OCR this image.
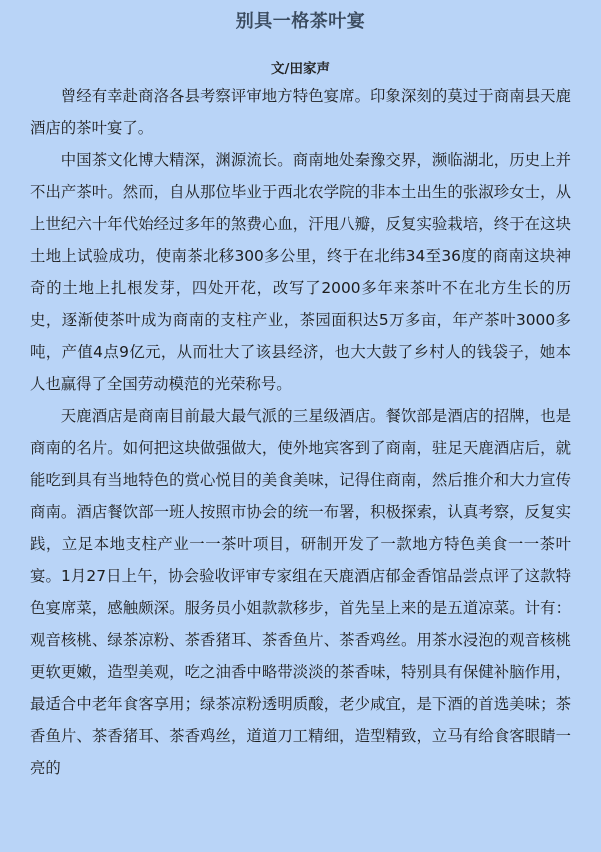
别具一格茶叶宴
文/田家声

曾经有幸赴商洛各县考察评审地方特色宴席。印象深刻的莫过于商南县天鹿酒店的茶叶宴了。

中国茶文化博大精深，渊源流长。商南地处秦豫交界，濒临湖北，历史上并不出产茶叶。然而，自从那位毕业于西北农学院的非本土出生的张淑珍女士，从上世纪六十年代始经过多年的煞费心血，汗甩八瓣，反复实验栽培，终于在这块土地上试验成功，使南茶北移300多公里，终于在北纬34至36度的商南这块神奇的土地上扎根发芽，四处开花，改写了2000多年来茶叶不在北方生长的历史，逐渐使茶叶成为商南的支柱产业，茶园面积达5万多亩，年产茶叶3000多吨，产值4点9亿元，从而壮大了该县经济，也大大鼓了乡村人的钱袋子，她本人也赢得了全国劳动模范的光荣称号。

天鹿酒店是商南目前最大最气派的三星级酒店。餐饮部是酒店的招牌，也是商南的名片。如何把这块做强做大，使外地宾客到了商南，驻足天鹿酒店后，就能吃到具有当地特色的赏心悦目的美食美味，记得住商南，然后推介和大力宣传商南。酒店餐饮部一班人按照市协会的统一布署，积极探索，认真考察，反复实践，立足本地支柱产业一一茶叶项目，研制开发了一款地方特色美食一一茶叶宴。1月27日上午，协会验收评审专家组在天鹿酒店郁金香馆品尝点评了这款特色宴席菜，感触颇深。服务员小姐款款移步，首先呈上来的是五道凉菜。计有：观音核桃、绿茶凉粉、茶香猪耳、茶香鱼片、茶香鸡丝。用茶水浸泡的观音核桃更软更嫩，造型美观，吃之油香中略带淡淡的茶香味，特别具有保健补脑作用，最适合中老年食客享用；绿茶凉粉透明质酸，老少咸宜，是下酒的首选美味；茶香鱼片、茶香猪耳、茶香鸡丝，道道刀工精细，造型精致，立马有给食客眼睛一亮的
